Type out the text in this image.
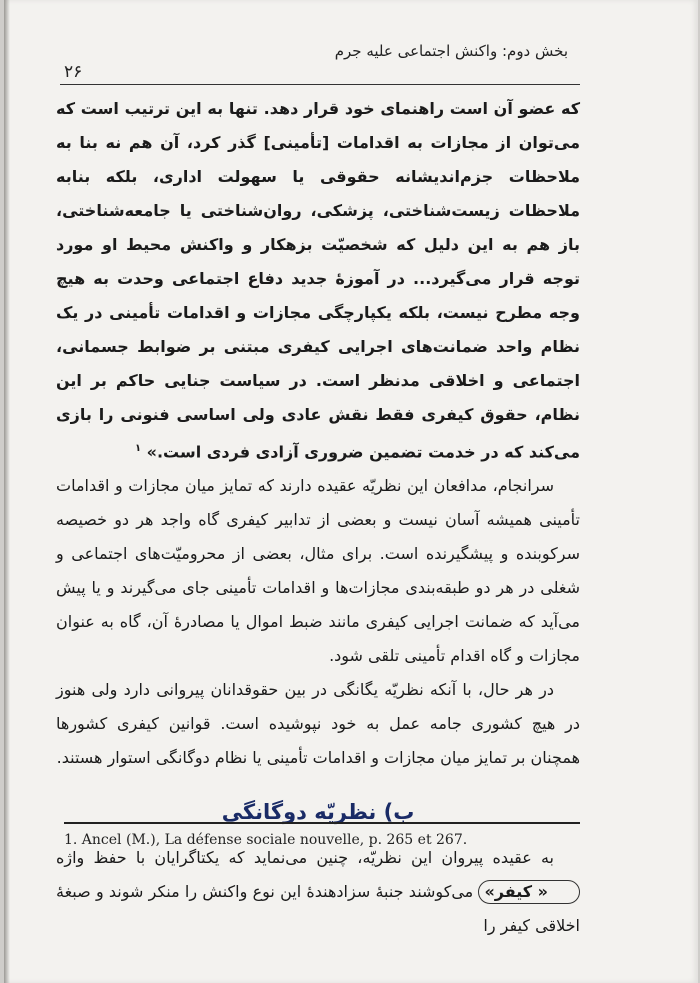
بخش دوم: واکنش اجتماعی علیه جرم
۲۶

که عضو آن است راهنمای خود قرار دهد. تنها به این ترتیب است که می‌توان از مجازات به اقدامات [تأمینی] گذر کرد، آن هم نه بنا به ملاحظات جزم‌اندیشانه حقوقی یا سهولت اداری، بلکه بنابه ملاحظات زیست‌شناختی، پزشکی، روان‌شناختی یا جامعه‌شناختی، باز هم به این دلیل که شخصیّت بزهکار و واکنش محیط او مورد توجه قرار می‌گیرد... در آموزهٔ جدید دفاع اجتماعی وحدت به هیچ وجه مطرح نیست، بلکه یکپارچگی مجازات و اقدامات تأمینی در یک نظام واحد ضمانت‌های اجرایی کیفری مبتنی بر ضوابط جسمانی، اجتماعی و اخلاقی مدنظر است. در سیاست جنایی حاکم بر این نظام، حقوق کیفری فقط نقش عادی ولی اساسی فنونی را بازی می‌کند که در خدمت تضمین ضروری آزادی فردی است.» $^۱$

سرانجام، مدافعان این نظریّه عقیده دارند که تمایز میان مجازات و اقدامات تأمینی همیشه آسان نیست و بعضی از تدابیر کیفری گاه واجد هر دو خصیصه سرکوبنده و پیشگیرنده است. برای مثال، بعضی از محرومیّت‌های اجتماعی و شغلی در هر دو طبقه‌بندی مجازات‌ها و اقدامات تأمینی جای می‌گیرند و یا پیش می‌آید که ضمانت اجرایی کیفری مانند ضبط اموال یا مصادرهٔ آن، گاه به عنوان مجازات و گاه اقدام تأمینی تلقی شود.

در هر حال، با آنکه نظریّه یگانگی در بین حقوقدانان پیروانی دارد ولی هنوز در هیچ کشوری جامه عمل به خود نپوشیده است. قوانین کیفری کشورها همچنان بر تمایز میان مجازات و اقدامات تأمینی یا نظام دوگانگی استوار هستند.

ب) نظریّه دوگانگی

به عقیده پیروان این نظریّه، چنین می‌نماید که یکتاگرایان با حفظ واژه « کیفر» می‌کوشند جنبهٔ سزادهندهٔ این نوع واکنش را منکر شوند و صبغهٔ اخلاقی کیفر را

1. Ancel (M.), La défense sociale nouvelle, p. 265 et 267.
